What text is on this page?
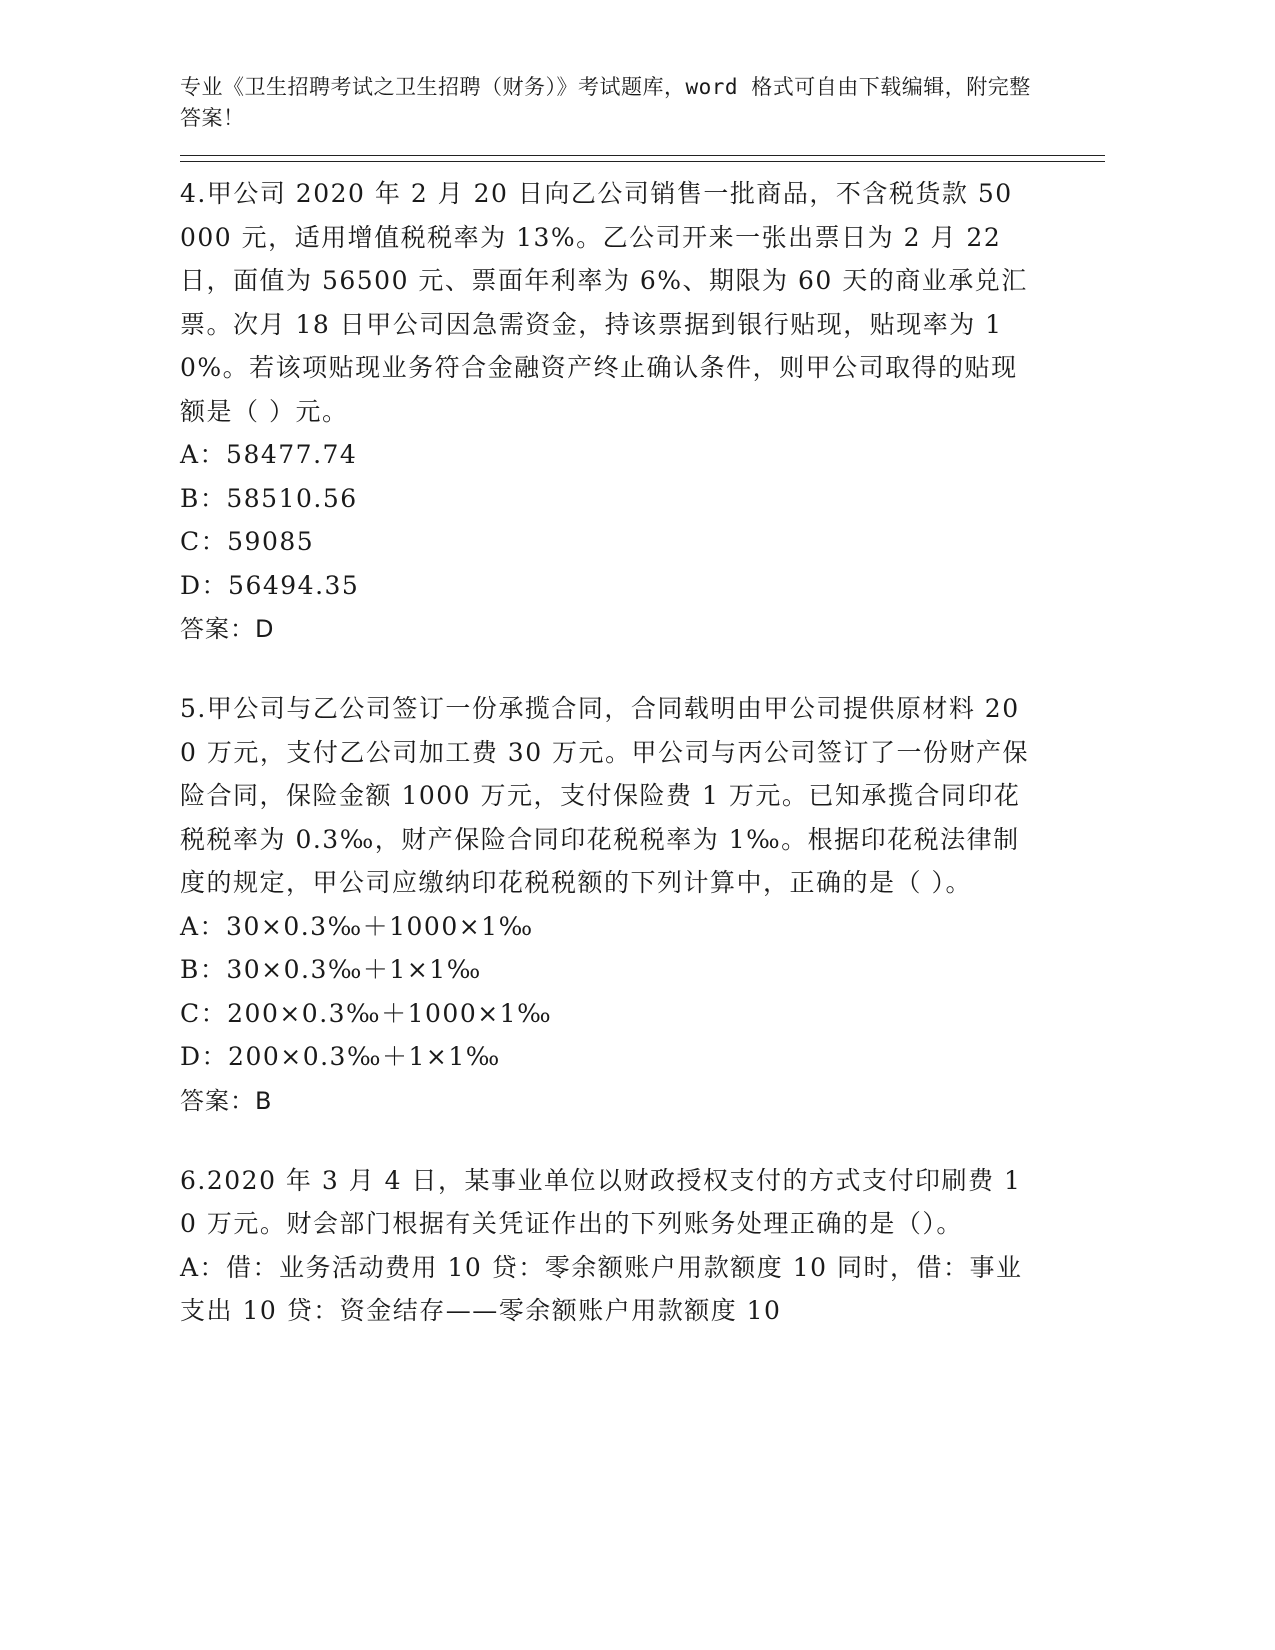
专业《卫生招聘考试之卫生招聘（财务）》考试题库，word 格式可自由下载编辑，附完整答案！

4.甲公司 2020 年 2 月 20 日向乙公司销售一批商品，不含税货款 50000 元，适用增值税税率为 13%。乙公司开来一张出票日为 2 月 22 日，面值为 56500 元、票面年利率为 6%、期限为 60 天的商业承兑汇票。次月 18 日甲公司因急需资金，持该票据到银行贴现，贴现率为 10%。若该项贴现业务符合金融资产终止确认条件，则甲公司取得的贴现额是（ ）元。

A：58477.74

B：58510.56

C：59085

D：56494.35

答案：D

5.甲公司与乙公司签订一份承揽合同，合同载明由甲公司提供原材料 200 万元，支付乙公司加工费 30 万元。甲公司与丙公司签订了一份财产保险合同，保险金额 1000 万元，支付保险费 1 万元。已知承揽合同印花税税率为 0.3‰，财产保险合同印花税税率为 1‰。根据印花税法律制度的规定，甲公司应缴纳印花税税额的下列计算中，正确的是（ ）。

A：30×0.3‰＋1000×1‰

B：30×0.3‰＋1×1‰

C：200×0.3‰＋1000×1‰

D：200×0.3‰＋1×1‰

答案：B

6.2020 年 3 月 4 日，某事业单位以财政授权支付的方式支付印刷费 10 万元。财会部门根据有关凭证作出的下列账务处理正确的是（）。

A：借：业务活动费用 10 贷：零余额账户用款额度 10 同时，借：事业支出 10 贷：资金结存——零余额账户用款额度 10
